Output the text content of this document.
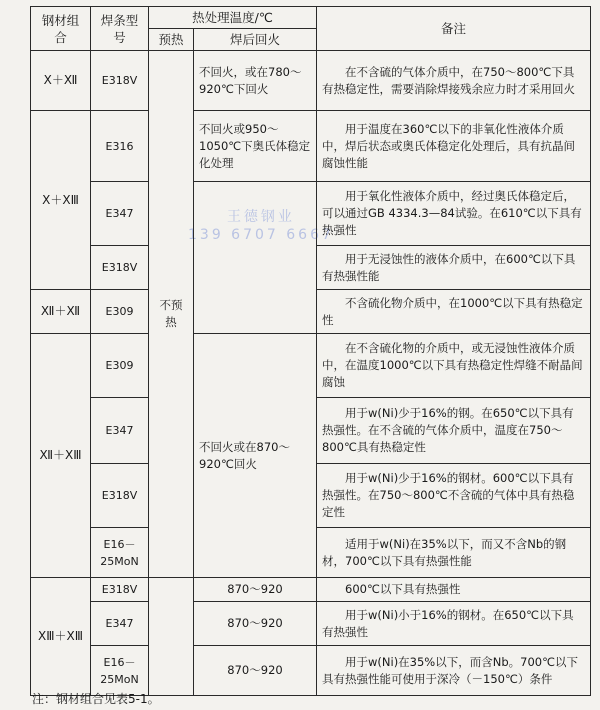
王德钢业
139 6707 6667
钢材组合	焊条型号	热处理温度/℃		备注
		预热	焊后回火	
Ⅹ＋Ⅻ	E318V	不预热	不回火，或在780～920℃下回火	在不含硫的气体介质中，在750～800℃下具有热稳定性，需要消除焊接残余应力时才采用回火
Ⅹ＋ⅩⅢ	E316		不回火或950～1050℃下奥氏体稳定化处理	用于温度在360℃以下的非氧化性液体介质中，焊后状态或奥氏体稳定化处理后，具有抗晶间腐蚀性能
	E347			用于氧化性液体介质中，经过奥氏体稳定后，可以通过GB 4334.3—84试验。在610℃以下具有热强性
	E318V			用于无浸蚀性的液体介质中，在600℃以下具有热强性能
Ⅻ＋Ⅻ	E309			不含硫化物介质中，在1000℃以下具有热稳定性
Ⅻ＋ⅩⅢ	E309		不回火或在870～920℃回火	在不含硫化物的介质中，或无浸蚀性液体介质中，在温度1000℃以下具有热稳定性焊缝不耐晶间腐蚀
	E347			用于w(Ni)少于16%的钢。在650℃以下具有热强性。在不含硫的气体介质中，温度在750～800℃具有热稳定性
	E318V			用于w(Ni)少于16%的钢材。600℃以下具有热强性。在750～800℃不含硫的气体中具有热稳定性
	E16－25MoN			适用于w(Ni)在35%以下，而又不含Nb的钢材，700℃以下具有热强性能
ⅩⅢ＋ⅩⅢ	E318V		870～920	600℃以下具有热强性
	E347		870～920	用于w(Ni)小于16%的钢材。在650℃以下具有热强性
	E16－25MoN		870～920	用于w(Ni)在35%以下，而含Nb。700℃以下具有热强性能可使用于深冷（－150℃）条件
注：钢材组合见表5-1。
